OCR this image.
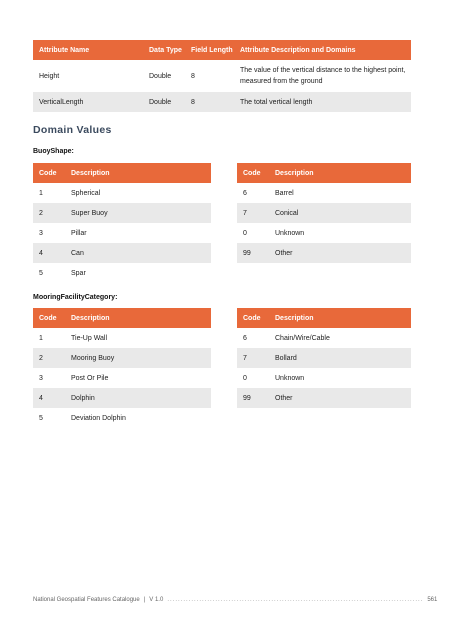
Attribute Name	Data Type	Field Length	Attribute Description and Domains
Height	Double	8	The value of the vertical distance to the highest point, measured from the ground
VerticalLength	Double	8	The total vertical length
Domain Values

BuoyShape:

Code	Description
1	Spherical
2	Super Buoy
3	Pillar
4	Can
5	Spar
Code	Description
6	Barrel
7	Conical
0	Unknown
99	Other

MooringFacilityCategory:

Code	Description
1	Tie-Up Wall
2	Mooring Buoy
3	Post Or Pile
4	Dolphin
5	Deviation Dolphin
Code	Description
6	Chain/Wire/Cable
7	Bollard
0	Unknown
99	Other
National Geospatial Features Catalogue | V 1.0 ................................................................................................ 561
